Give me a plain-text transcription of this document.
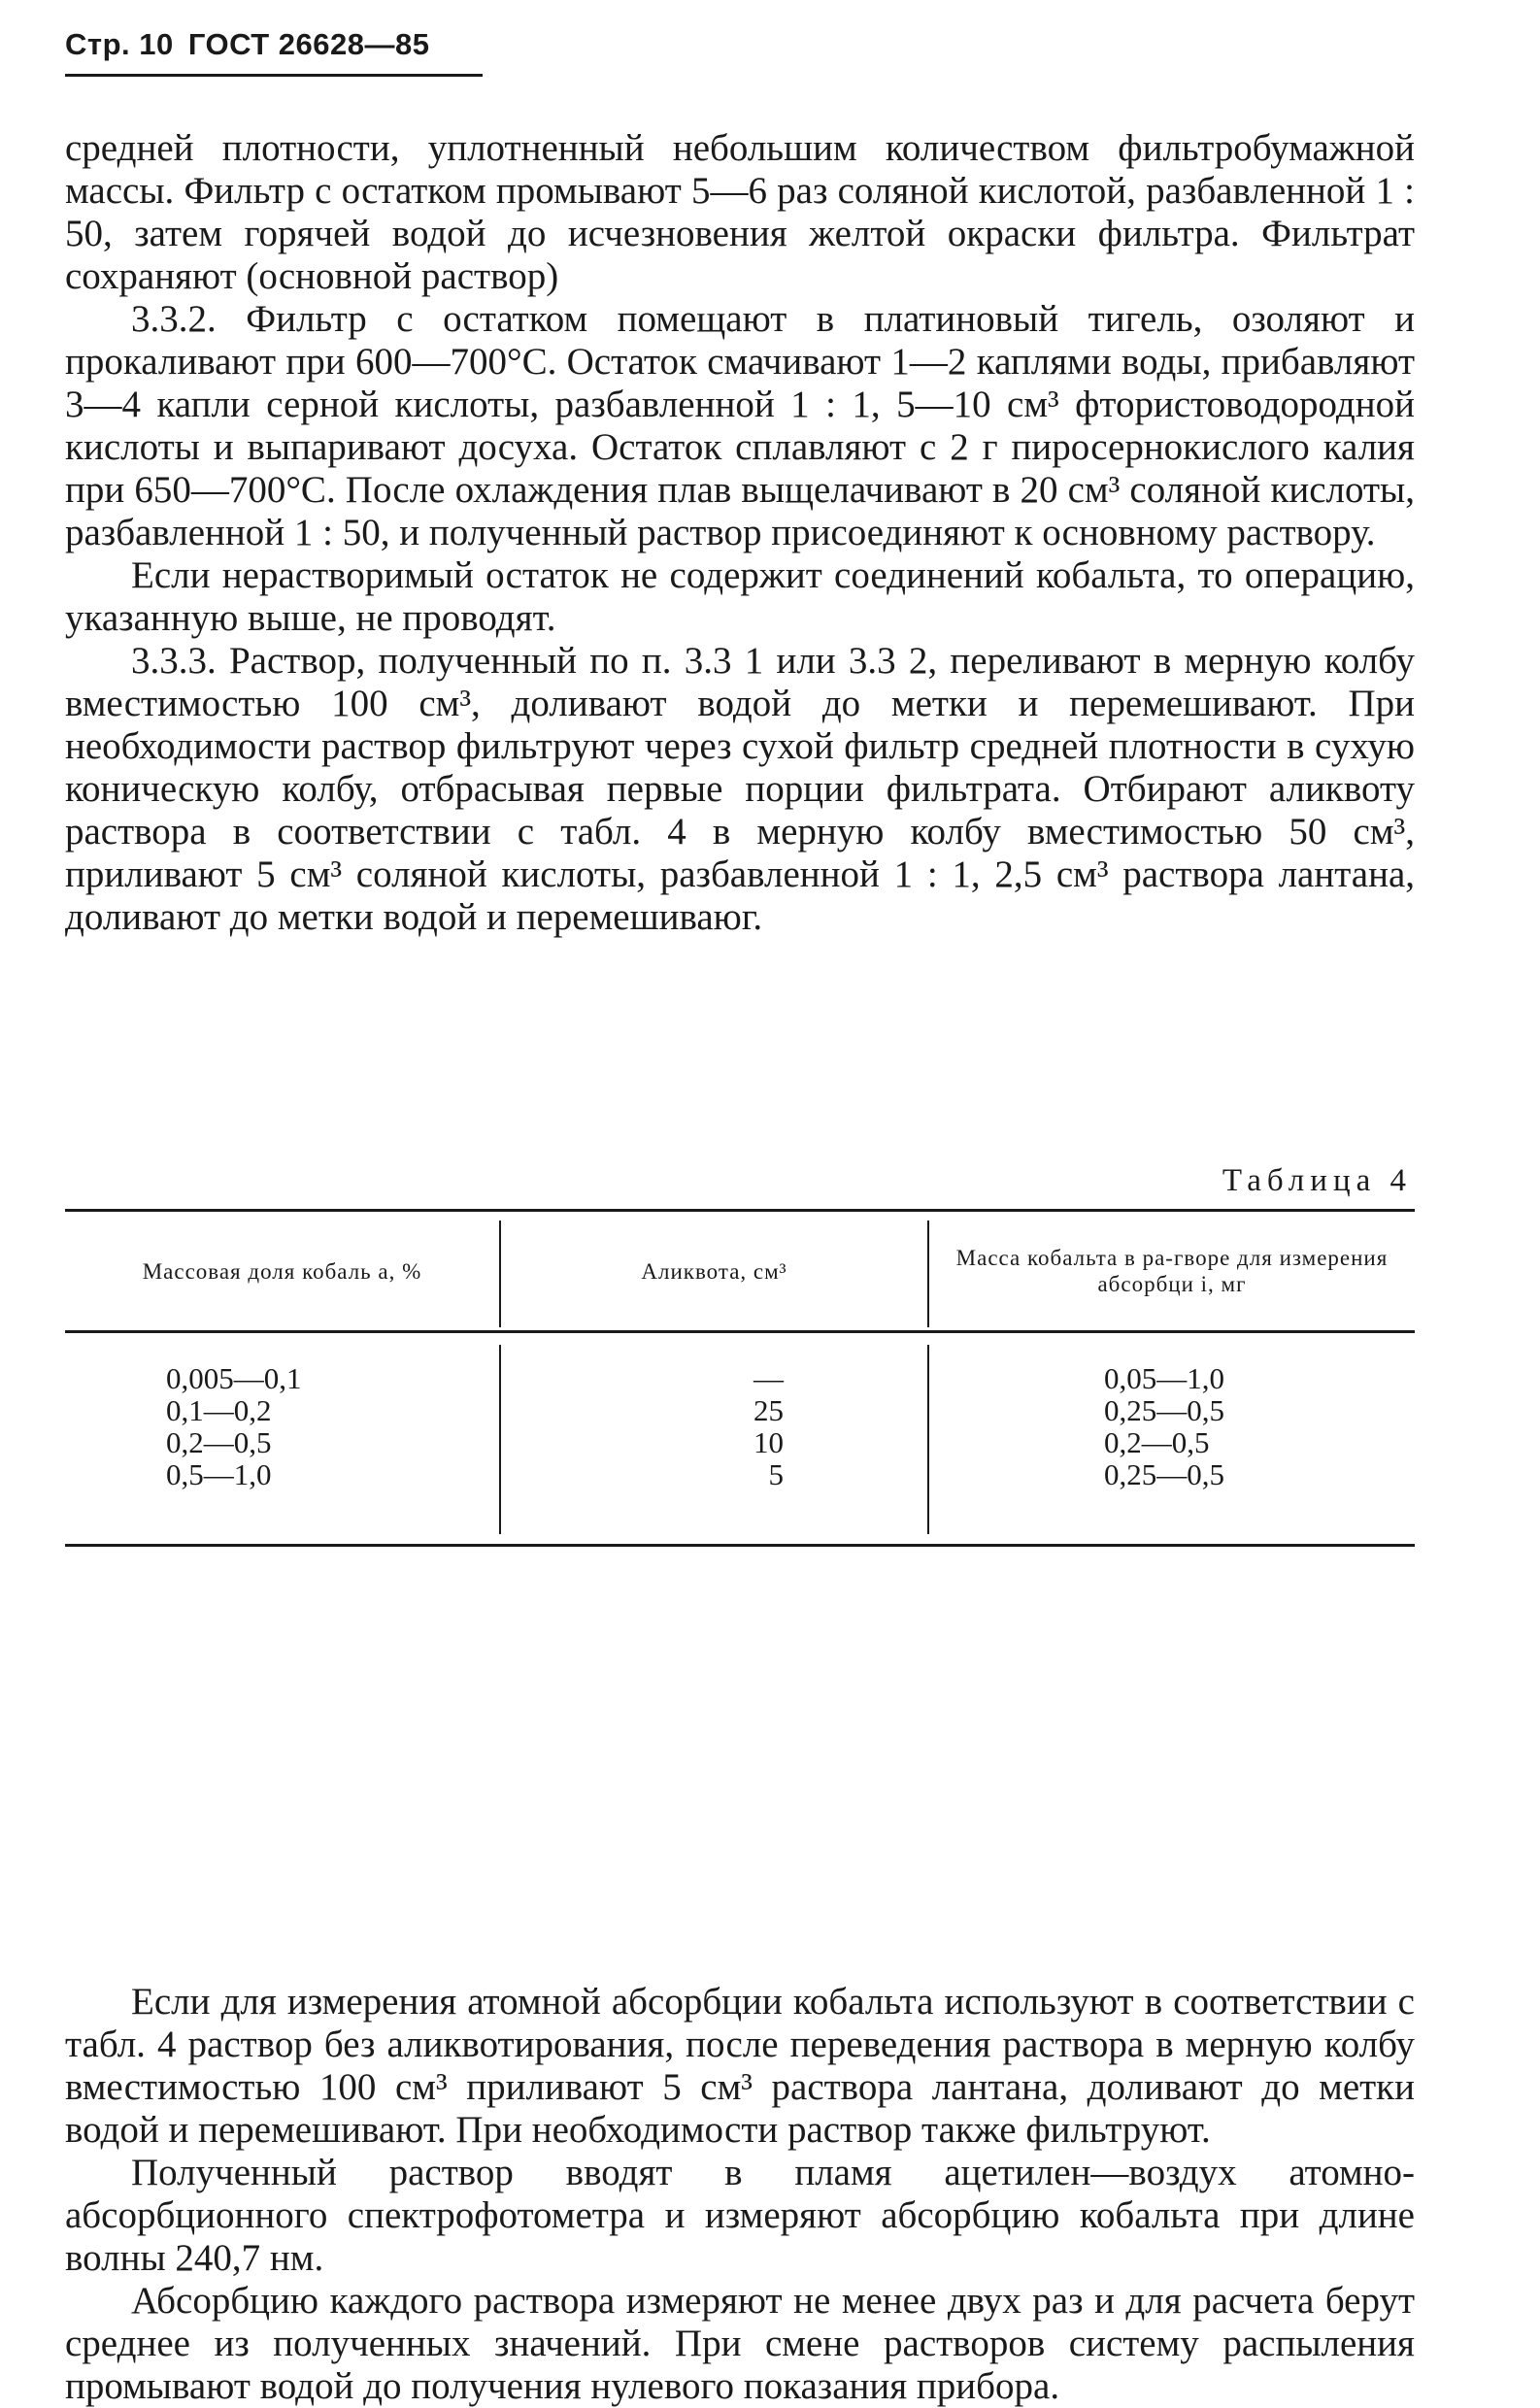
Стр. 10 ГОСТ 26628—85

средней плотности, уплотненный небольшим количеством фильтробумажной массы. Фильтр с остатком промывают 5—6 раз соляной кислотой, разбавленной 1 : 50, затем горячей водой до исчезновения желтой окраски фильтра. Фильтрат сохраняют (основной раствор)

3.3.2. Фильтр с остатком помещают в платиновый тигель, озоляют и прокаливают при 600—700°С. Остаток смачивают 1—2 каплями воды, прибавляют 3—4 капли серной кислоты, разбавленной 1 : 1, 5—10 см³ фтористоводородной кислоты и выпаривают досуха. Остаток сплавляют с 2 г пиросернокислого калия при 650—700°С. После охлаждения плав выщелачивают в 20 см³ соляной кислоты, разбавленной 1 : 50, и полученный раствор присоединяют к основному раствору.

Если нерастворимый остаток не содержит соединений кобальта, то операцию, указанную выше, не проводят.

3.3.3. Раствор, полученный по п. 3.3 1 или 3.3 2, переливают в мерную колбу вместимостью 100 см³, доливают водой до метки и перемешивают. При необходимости раствор фильтруют через сухой фильтр средней плотности в сухую коническую колбу, отбрасывая первые порции фильтрата. Отбирают аликвоту раствора в соответствии с табл. 4 в мерную колбу вместимостью 50 см³, приливают 5 см³ соляной кислоты, разбавленной 1 : 1, 2,5 см³ раствора лантана, доливают до метки водой и перемешиваюг.

Таблица 4
Массовая доля кобаль а, %	Аликвота, см³
Масса кобальта в ра-гворе для измерения абсорбци і, мг
0,005—0,1
0,1—0,2
0,2—0,5
0,5—1,0
—
25
10
5
0,05—1,0
0,25—0,5
0,2—0,5
0,25—0,5

Если для измерения атомной абсорбции кобальта используют в соответствии с табл. 4 раствор без аликвотирования, после переведения раствора в мерную колбу вместимостью 100 см³ приливают 5 см³ раствора лантана, доливают до метки водой и перемешивают. При необходимости раствор также фильтруют.

Полученный раствор вводят в пламя ацетилен—воздух атомно-абсорбционного спектрофотометра и измеряют абсорбцию кобальта при длине волны 240,7 нм.

Абсорбцию каждого раствора измеряют не менее двух раз и для расчета берут среднее из полученных значений. При смене растворов систему распыления промывают водой до получения нулевого показания прибора.
